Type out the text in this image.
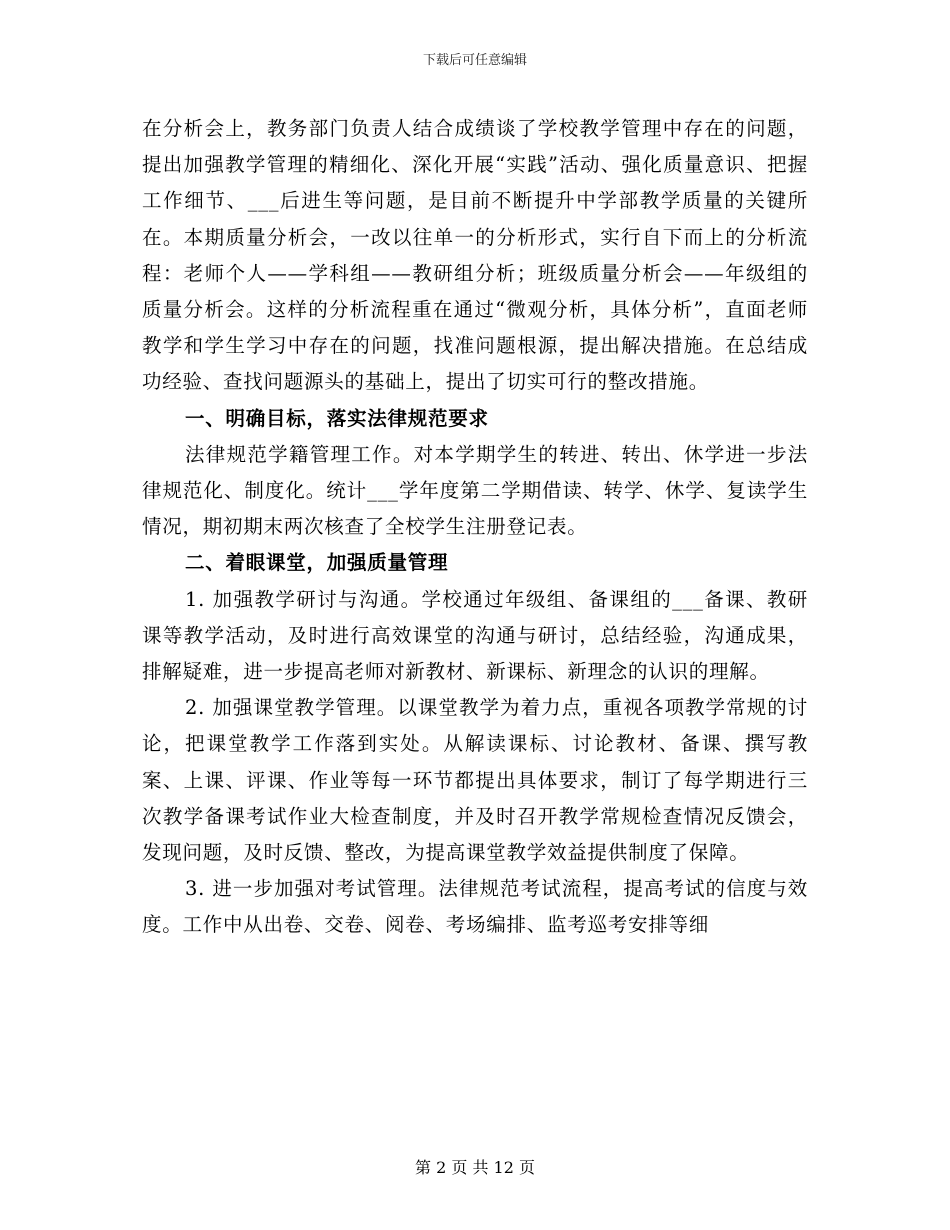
下载后可任意编辑

在分析会上，教务部门负责人结合成绩谈了学校教学管理中存在的问题，提出加强教学管理的精细化、深化开展“实践”活动、强化质量意识、把握工作细节、___后进生等问题，是目前不断提升中学部教学质量的关键所在。本期质量分析会，一改以往单一的分析形式，实行自下而上的分析流程：老师个人——学科组——教研组分析；班级质量分析会——年级组的质量分析会。这样的分析流程重在通过“微观分析，具体分析”，直面老师教学和学生学习中存在的问题，找准问题根源，提出解决措施。在总结成功经验、查找问题源头的基础上，提出了切实可行的整改措施。

一、明确目标，落实法律规范要求

法律规范学籍管理工作。对本学期学生的转进、转出、休学进一步法律规范化、制度化。统计___学年度第二学期借读、转学、休学、复读学生情况，期初期末两次核查了全校学生注册登记表。

二、着眼课堂，加强质量管理

1. 加强教学研讨与沟通。学校通过年级组、备课组的___备课、教研课等教学活动，及时进行高效课堂的沟通与研讨，总结经验，沟通成果，排解疑难，进一步提高老师对新教材、新课标、新理念的认识的理解。

2. 加强课堂教学管理。以课堂教学为着力点，重视各项教学常规的讨论，把课堂教学工作落到实处。从解读课标、讨论教材、备课、撰写教案、上课、评课、作业等每一环节都提出具体要求，制订了每学期进行三次教学备课考试作业大检查制度，并及时召开教学常规检查情况反馈会，发现问题，及时反馈、整改，为提高课堂教学效益提供制度了保障。

3. 进一步加强对考试管理。法律规范考试流程，提高考试的信度与效度。工作中从出卷、交卷、阅卷、考场编排、监考巡考安排等细

第 2 页 共 12 页
